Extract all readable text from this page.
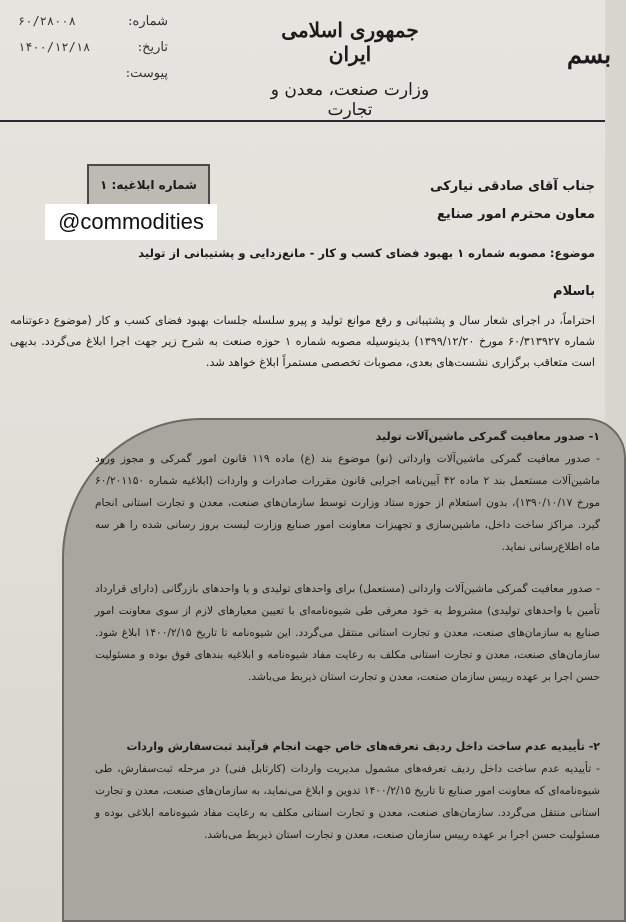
شماره:
۶۰/۲۸۰۰۸
تاریخ:
۱۴۰۰/۱۲/۱۸
پیوست:
جمهوری اسلامی ایران
وزارت صنعت، معدن و تجارت
بسم
شماره ابلاغیه: ۱
@commodities
جناب آقای صادقی نیارکی
معاون محترم امور صنایع
موضوع: مصوبه شماره ۱ بهبود فضای کسب و کار - مانع‌زدایی و پشتیبانی از تولید
باسلام
احتراماً، در اجرای شعار سال و پشتیبانی و رفع موانع تولید و پیرو سلسله جلسات بهبود فضای کسب و کار (موضوع دعوتنامه شماره ۶۰/۳۱۳۹۲۷ مورخ ۱۳۹۹/۱۲/۲۰) بدینوسیله مصوبه شماره ۱ حوزه صنعت به شرح زیر جهت اجرا ابلاغ می‌گردد. بدیهی است متعاقب برگزاری نشست‌های بعدی، مصوبات تخصصی مستمراً ابلاغ خواهد شد.
۱- صدور معافیت گمرکی ماشین‌آلات تولید
- صدور معافیت گمرکی ماشین‌آلات وارداتی (نو) موضوع بند (ع) ماده ۱۱۹ قانون امور گمرکی و مجوز ورود ماشین‌آلات مستعمل بند ۲ ماده ۴۲ آیین‌نامه اجرایی قانون مقررات صادرات و واردات (ابلاغیه شماره ۶۰/۲۰۱۱۵۰ مورخ ۱۳۹۰/۱۰/۱۷)، بدون استعلام از حوزه ستاد وزارت توسط سازمان‌های صنعت، معدن و تجارت استانی انجام گیرد. مراکز ساخت داخل، ماشین‌سازی و تجهیزات معاونت امور صنایع وزارت لیست بروز رسانی شده را هر سه ماه اطلاع‌رسانی نماید.
- صدور معافیت گمرکی ماشین‌آلات وارداتی (مستعمل) برای واحدهای تولیدی و یا واحدهای بازرگانی (دارای قرارداد تأمین با واحدهای تولیدی) مشروط به خود معرفی طی شیوه‌نامه‌ای با تعیین معیارهای لازم از سوی معاونت امور صنایع به سازمان‌های صنعت، معدن و تجارت استانی منتقل می‌گردد. این شیوه‌نامه تا تاریخ ۱۴۰۰/۲/۱۵ ابلاغ شود. سازمان‌های صنعت، معدن و تجارت استانی مکلف به رعایت مفاد شیوه‌نامه و ابلاغیه بندهای فوق بوده و مسئولیت حسن اجرا بر عهده رییس سازمان صنعت، معدن و تجارت استان ذیربط می‌باشد.
۲- تأییدیه عدم ساخت داخل ردیف تعرفه‌های خاص جهت انجام فرآیند ثبت‌سفارش واردات
- تأییدیه عدم ساخت داخل ردیف تعرفه‌های مشمول مدیریت واردات (کارتابل فنی) در مرحله ثبت‌سفارش، طی شیوه‌نامه‌ای که معاونت امور صنایع تا تاریخ ۱۴۰۰/۲/۱۵ تدوین و ابلاغ می‌نماید، به سازمان‌های صنعت، معدن و تجارت استانی منتقل می‌گردد. سازمان‌های صنعت، معدن و تجارت استانی مکلف به رعایت مفاد شیوه‌نامه ابلاغی بوده و مسئولیت حسن اجرا بر عهده رییس سازمان صنعت، معدن و تجارت استان ذیربط می‌باشد.
